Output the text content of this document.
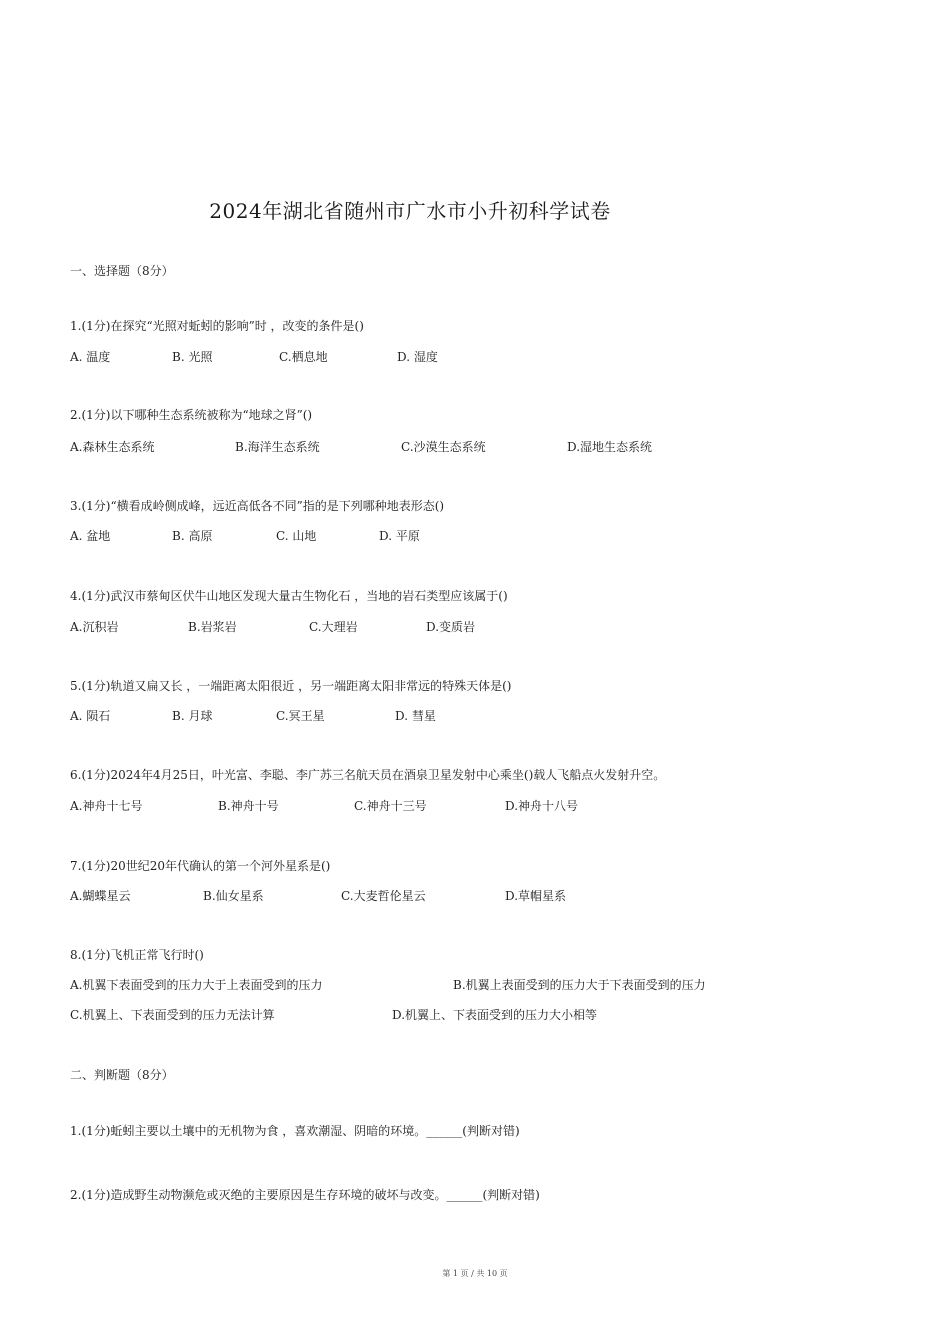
2024年湖北省随州市广水市小升初科学试卷
一、选择题（8分）
1.(1分)在探究“光照对蚯蚓的影响”时 ，改变的条件是()
A. 温度	B. 光照	C.栖息地	D. 湿度
2.(1分)以下哪种生态系统被称为“地球之肾”()
A.森林生态系统	B.海洋生态系统	C.沙漠生态系统	D.湿地生态系统
3.(1分)“横看成岭侧成峰，远近高低各不同”指的是下列哪种地表形态()
A. 盆地	B. 高原	C. 山地	D. 平原
4.(1分)武汉市蔡甸区伏牛山地区发现大量古生物化石 ，当地的岩石类型应该属于()
A.沉积岩	B.岩浆岩	C.大理岩	D.变质岩
5.(1分)轨道又扁又长 ，一端距离太阳很近 ，另一端距离太阳非常远的特殊天体是()
A. 陨石	B. 月球	C.冥王星	D. 彗星
6.(1分)2024年4月25日，叶光富、李聪、李广苏三名航天员在酒泉卫星发射中心乘坐()载人飞船点火发射升空。
A.神舟十七号	B.神舟十号	C.神舟十三号	D.神舟十八号
7.(1分)20世纪20年代确认的第一个河外星系是()
A.蝴蝶星云	B.仙女星系	C.大麦哲伦星云	D.草帽星系
8.(1分)飞机正常飞行时()
A.机翼下表面受到的压力大于上表面受到的压力	B.机翼上表面受到的压力大于下表面受到的压力
C.机翼上、下表面受到的压力无法计算	D.机翼上、下表面受到的压力大小相等
二、判断题（8分）
1.(1分)蚯蚓主要以土壤中的无机物为食 ，喜欢潮湿、阴暗的环境。______(判断对错)
2.(1分)造成野生动物濒危或灭绝的主要原因是生存环境的破坏与改变。______(判断对错)
第 1 页 / 共 10 页
